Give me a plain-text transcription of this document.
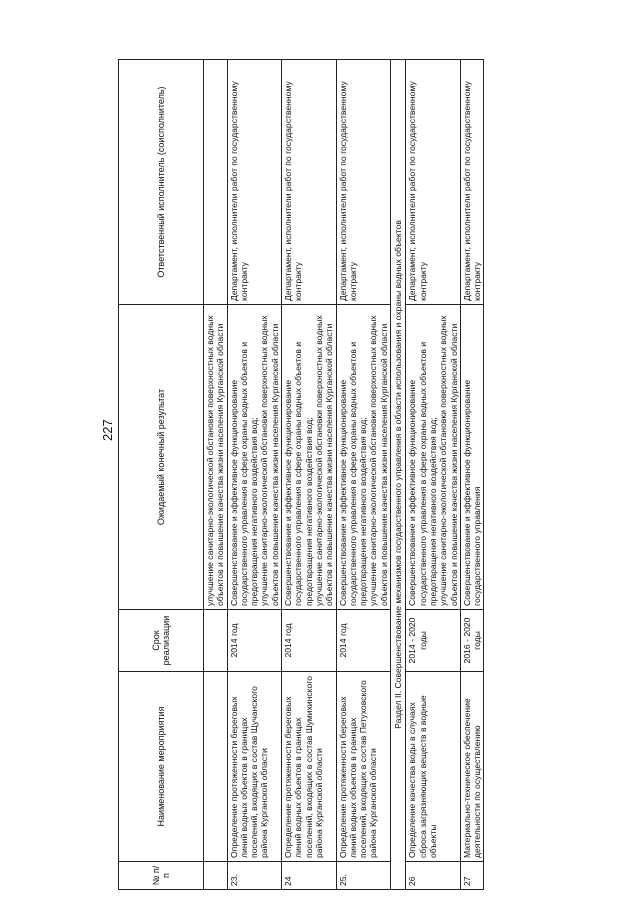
227
№ п/п	Наименование мероприятия	Срок реализации	Ожидаемый конечный результат	Ответственный исполнитель (соисполнитель)
			улучшение санитарно-экологической обстановки поверхностных водных объектов и повышение качества жизни населения Курганской области	
23.	Определение протяженности береговых линий водных объектов в границах поселений, входящих в состав Щучанского района Курганской области	2014 год	Совершенствование и эффективное функционирование государственного управления в сфере охраны водных объектов и предотвращения негативного воздействия вод; улучшение санитарно-экологической обстановки поверхностных водных объектов и повышение качества жизни населения Курганской области	Департамент, исполнители работ по государственному контракту
24	Определение протяженности береговых линий водных объектов в границах поселений, входящих в состав Шумихинского района Курганской области	2014 год	Совершенствование и эффективное функционирование государственного управления в сфере охраны водных объектов и предотвращения негативного воздействия вод; улучшение санитарно-экологической обстановки поверхностных водных объектов и повышение качества жизни населения Курганской области	Департамент, исполнители работ по государственному контракту
25.	Определение протяженности береговых линий водных объектов в границах поселений, входящих в состав Петуховского района Курганской области	2014 год	Совершенствование и эффективное функционирование государственного управления в сфере охраны водных объектов и предотвращения негативного воздействия вод; улучшение санитарно-экологической обстановки поверхностных водных объектов и повышение качества жизни населения Курганской области	Департамент, исполнители работ по государственному контракту
Раздел II. Совершенствование механизмов государственного управления в области использования и охраны водных объектов				
26	Определение качества воды в случаях сброса загрязняющих веществ в водные объекты	2014 - 2020 годы	Совершенствование и эффективное функционирование государственного управления в сфере охраны водных объектов и предотвращения негативного воздействия вод; улучшение санитарно-экологической обстановки поверхностных водных объектов и повышение качества жизни населения Курганской области	Департамент, исполнители работ по государственному контракту
27	Материально-техническое обеспечение деятельности по осуществлению	2016 - 2020 годы	Совершенствование и эффективное функционирование государственного управления	Департамент, исполнители работ по государственному контракту
